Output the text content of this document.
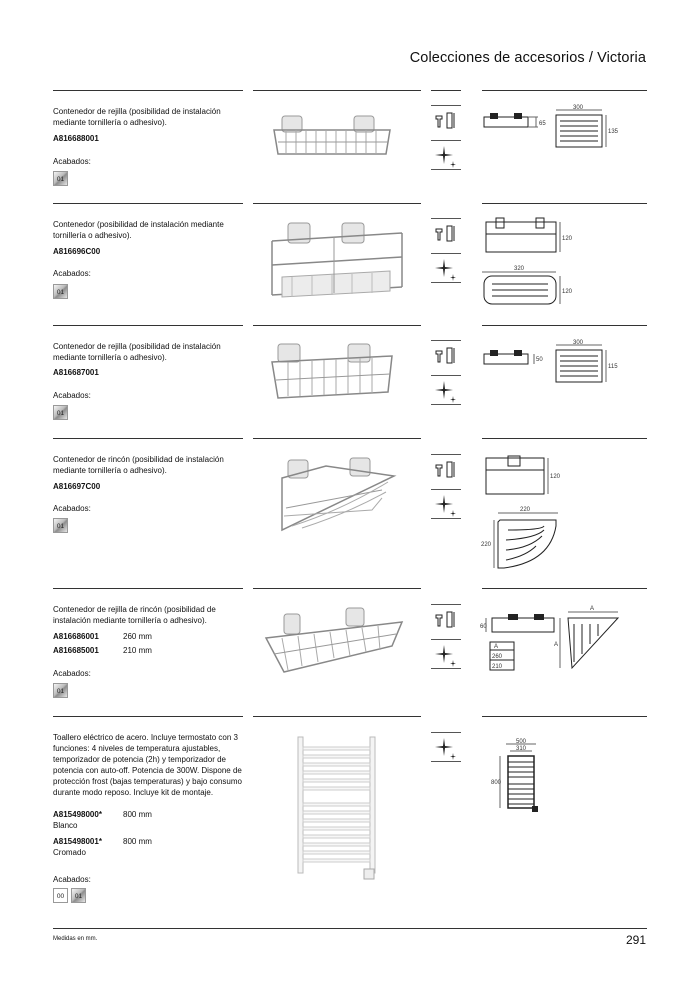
Colecciones de accesorios / Victoria
Contenedor de rejilla (posibilidad de instalación mediante tornillería o adhesivo).
A816688001
Acabados:
01
65
300
135
Contenedor (posibilidad de instalación mediante tornillería o adhesivo).
A816696C00
Acabados:
01
120
320
120
Contenedor de rejilla (posibilidad de instalación mediante tornillería o adhesivo).
A816687001
Acabados:
01
50
300
115
Contenedor de rincón (posibilidad de instalación mediante tornillería o adhesivo).
A816697C00
Acabados:
01
120
220
220
Contenedor de rejilla de rincón (posibilidad de instalación mediante tornillería o adhesivo).
A816686001	260 mm
A816685001	210 mm
Acabados:
01
60
A
260
210
A
A
Toallero eléctrico de acero. Incluye termostato con 3 funciones: 4 niveles de temperatura ajustables, temporizador de potencia (2h) y temporizador de potencia con auto-off. Potencia de 300W. Dispone de protección frost (bajas temperaturas) y bajo consumo durante modo reposo. Incluye kit de montaje.
A815498000*	800 mm
Blanco
A815498001*	800 mm
Cromado
Acabados:
00	01
500
310
800
Medidas en mm.	291
